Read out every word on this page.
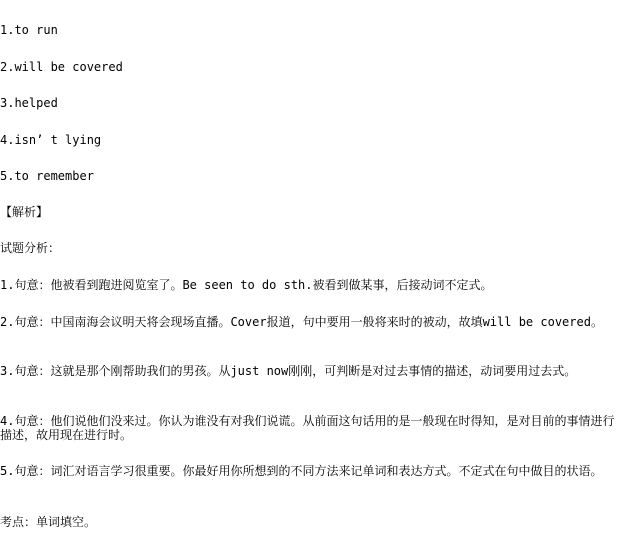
1.to run
2.will be covered
3.helped
4.isn’ t lying
5.to remember
【解析】
试题分析：
1.句意：他被看到跑进阅览室了。Be seen to do sth.被看到做某事，后接动词不定式。
2.句意：中国南海会议明天将会现场直播。Cover报道，句中要用一般将来时的被动，故填will be covered。
3.句意：这就是那个刚帮助我们的男孩。从just now刚刚，可判断是对过去事情的描述，动词要用过去式。
4.句意：他们说他们没来过。你认为谁没有对我们说谎。从前面这句话用的是一般现在时得知，是对目前的事情进行描述，故用现在进行时。
5.句意：词汇对语言学习很重要。你最好用你所想到的不同方法来记单词和表达方式。不定式在句中做目的状语。
考点：单词填空。
